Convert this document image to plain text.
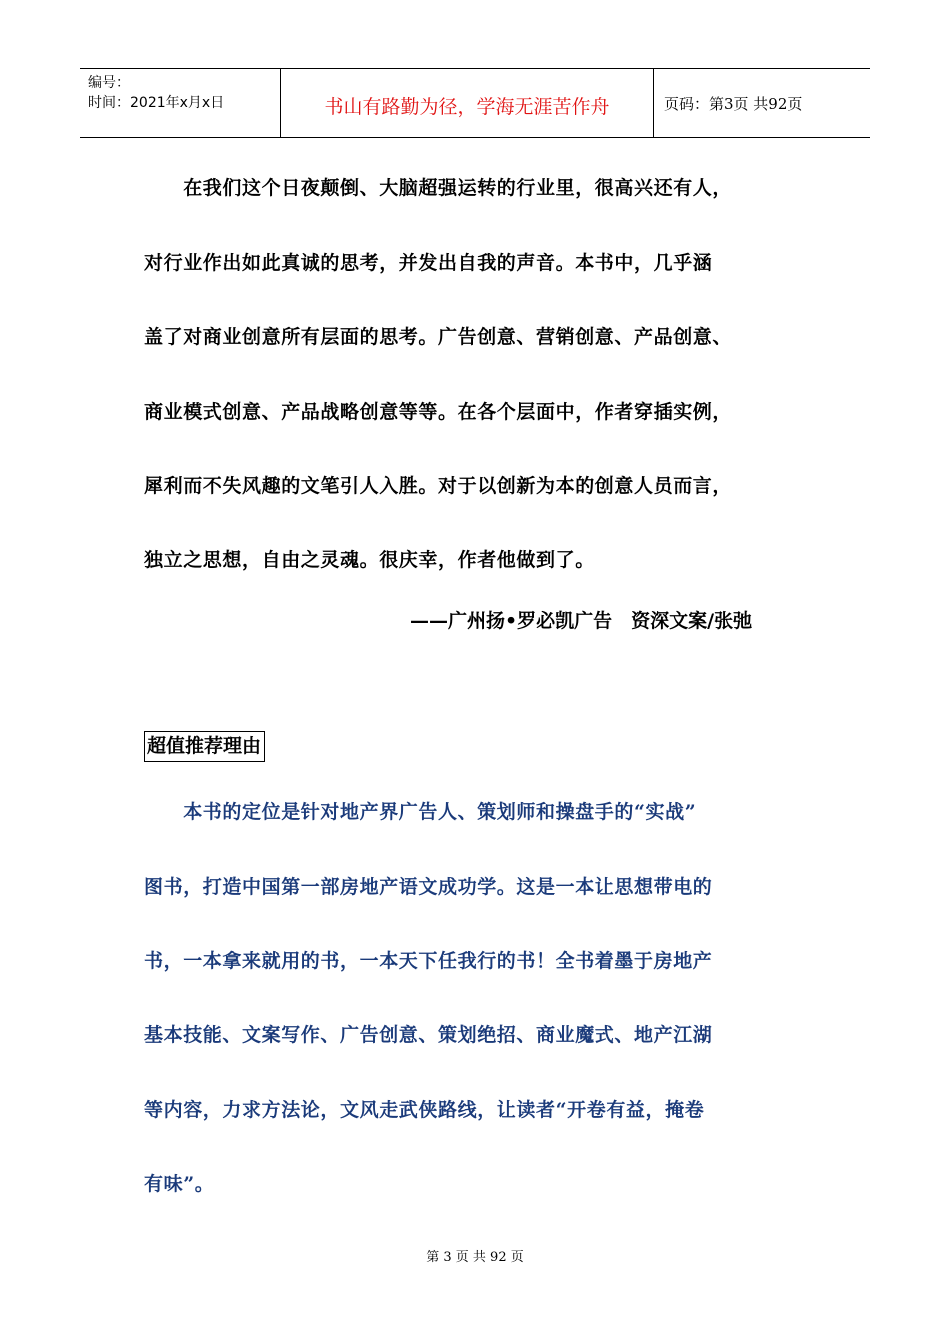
编号：
时间：2021年x月x日	书山有路勤为径，学海无涯苦作舟	页码：第3页 共92页
　　在我们这个日夜颠倒、大脑超强运转的行业里，很高兴还有人，
对行业作出如此真诚的思考，并发出自我的声音。本书中，几乎涵
盖了对商业创意所有层面的思考。广告创意、营销创意、产品创意、
商业模式创意、产品战略创意等等。在各个层面中，作者穿插实例，
犀利而不失风趣的文笔引人入胜。对于以创新为本的创意人员而言，
独立之思想，自由之灵魂。很庆幸，作者他做到了。
——广州扬•罗必凯广告　资深文案/张弛
超值推荐理由
　　本书的定位是针对地产界广告人、策划师和操盘手的“实战”
图书，打造中国第一部房地产语文成功学。这是一本让思想带电的
书，一本拿来就用的书，一本天下任我行的书！全书着墨于房地产
基本技能、文案写作、广告创意、策划绝招、商业魔式、地产江湖
等内容，力求方法论，文风走武侠路线，让读者“开卷有益，掩卷
有味”。
第 3 页 共 92 页
